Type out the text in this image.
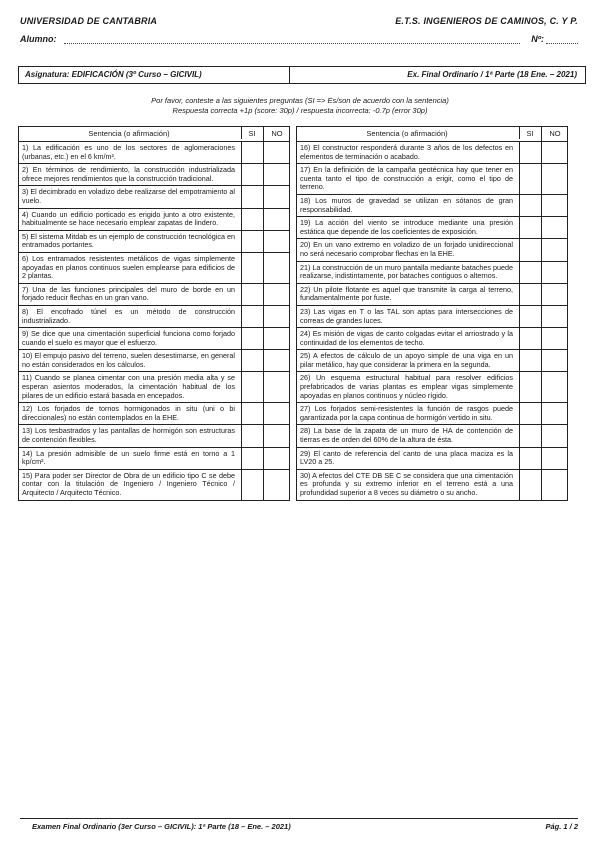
UNIVERSIDAD DE CANTABRIA	E.T.S. INGENIEROS DE CAMINOS, C. Y P.
Alumno:	Nº:
Asignatura: EDIFICACIÓN (3º Curso – GICIVIL)	Ex. Final Ordinario / 1ª Parte (18 Ene. – 2021)
Por favor, conteste a las siguientes preguntas (SI => Es/son de acuerdo con la sentencia)
Respuesta correcta +1p (score: 30p) / respuesta incorrecta: -0.7p (error 30p)
Sentencia (o afirmación)	SI	NO
1) La edificación es uno de los sectores de aglomeraciones (urbanas, etc.) en el 6 km/m².
2) En términos de rendimiento, la construcción industrializada ofrece mejores rendimientos que la construcción tradicional.
3) El decimbrado en voladizo debe realizarse del empotramiento al vuelo.
4) Cuando un edificio porticado es erigido junto a otro existente, habitualmente se hace necesario emplear zapatas de lindero.
5) El sistema Mitdab es un ejemplo de construcción tecnológica en entramados portantes.
6) Los entramados resistentes metálicos de vigas simplemente apoyadas en planos continuos suelen emplearse para edificios de 2 plantas.
7) Una de las funciones principales del muro de borde en un forjado reducir flechas en un gran vano.
8) El encofrado túnel es un método de construcción industrializado.
9) Se dice que una cimentación superficial funciona como forjado cuando el suelo es mayor que el esfuerzo.
10) El empujo pasivo del terreno, suelen desestimarse, en general no están considerados en los cálculos.
11) Cuando se planea cimentar con una presión media alta y se esperan asientos moderados, la cimentación habitual de los pilares de un edificio estará basada en encepados.
12) Los forjados de tornos hormigonados in situ (uni o bi direccionales) no están contemplados en la EHE.
13) Los tesbastrados y las pantallas de hormigón son estructuras de contención flexibles.
14) La presión admisible de un suelo firme está en torno a 1 kp/cm².
15) Para poder ser Director de Obra de un edificio tipo C se debe contar con la titulación de Ingeniero / Ingeniero Técnico / Arquitecto / Arquitecto Técnico.
Sentencia (o afirmación)	SI	NO
16) El constructor responderá durante 3 años de los defectos en elementos de terminación o acabado.
17) En la definición de la campaña geotécnica hay que tener en cuenta tanto el tipo de construcción a erigir, como el tipo de terreno.
18) Los muros de gravedad se utilizan en sótanos de gran responsabilidad.
19) La acción del viento se introduce mediante una presión estática que depende de los coeficientes de exposición.
20) En un vano extremo en voladizo de un forjado unidireccional no será necesario comprobar flechas en la EHE.
21) La construcción de un muro pantalla mediante bataches puede realizarse, indistintamente, por bataches contiguos o alternos.
22) Un pilote flotante es aquel que transmite la carga al terreno, fundamentalmente por fuste.
23) Las vigas en T o las TAL son aptas para intersecciones de correas de grandes luces.
24) Es misión de vigas de canto colgadas evitar el arriostrado y la continuidad de los elementos de techo.
25) A efectos de cálculo de un apoyo simple de una viga en un pilar metálico, hay que considerar la primera en la segunda.
26) Un esquema estructural habitual para resolver edificios prefabricados de varias plantas es emplear vigas simplemente apoyadas en planos continuos y núcleo rígido.
27) Los forjados semi-resistentes la función de rasgos puede garantizada por la capa continua de hormigón vertido in situ.
28) La base de la zapata de un muro de HA de contención de tierras es de orden del 60% de la altura de ésta.
29) El canto de referencia del canto de una placa maciza es la LV20 a 25.
30) A efectos del CTE DB SE C se considera que una cimentación es profunda y su extremo inferior en el terreno está a una profundidad superior a 8 veces su diámetro o su ancho.
Examen Final Ordinario (3er Curso – GICIVIL): 1ª Parte (18 – Ene. – 2021)	Pág. 1 / 2
